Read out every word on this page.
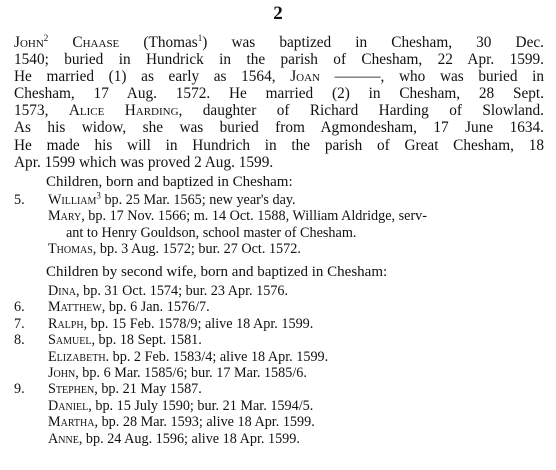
2
John$^2$ Chaase (Thomas$^1$) was baptized in Chesham, 30 Dec.
1540; buried in Hundrick in the parish of Chesham, 22 Apr. 1599.
He married (1) as early as 1564, Joan ———, who was buried in
Chesham, 17 Aug. 1572. He married (2) in Chesham, 28 Sept.
1573, Alice Harding, daughter of Richard Harding of Slowland.
As his widow, she was buried from Agmondesham, 17 June 1634.
He made his will in Hundrich in the parish of Great Chesham, 18
Apr. 1599 which was proved 2 Aug. 1599.
Children, born and baptized in Chesham:
5.	William$^3$ bp. 25 Mar. 1565; new year's day.
Mary, bp. 17 Nov. 1566; m. 14 Oct. 1588, William Aldridge, serv-
ant to Henry Gouldson, school master of Chesham.
Thomas, bp. 3 Aug. 1572; bur. 27 Oct. 1572.
Children by second wife, born and baptized in Chesham:
Dina, bp. 31 Oct. 1574; bur. 23 Apr. 1576.
6.	Matthew, bp. 6 Jan. 1576/7.
7.	Ralph, bp. 15 Feb. 1578/9; alive 18 Apr. 1599.
8.	Samuel, bp. 18 Sept. 1581.
Elizabeth. bp. 2 Feb. 1583/4; alive 18 Apr. 1599.
John, bp. 6 Mar. 1585/6; bur. 17 Mar. 1585/6.
9.	Stephen, bp. 21 May 1587.
Daniel, bp. 15 July 1590; bur. 21 Mar. 1594/5.
Martha, bp. 28 Mar. 1593; alive 18 Apr. 1599.
Anne, bp. 24 Aug. 1596; alive 18 Apr. 1599.
